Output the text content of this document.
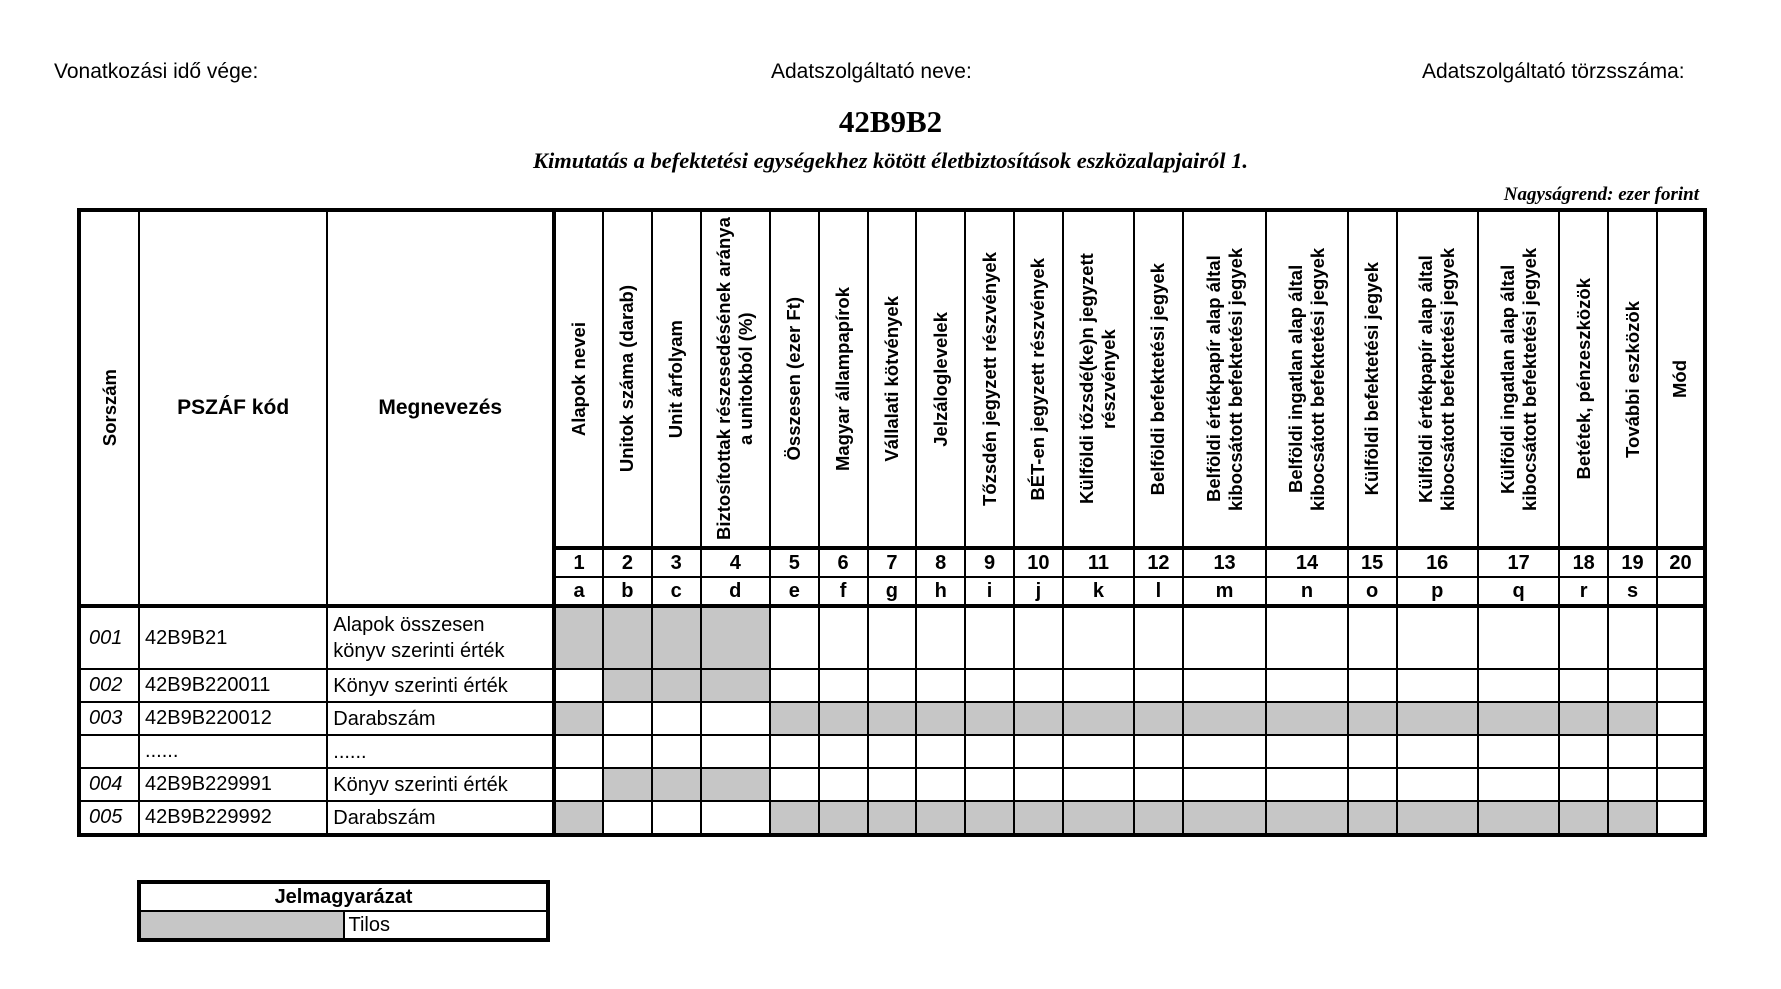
Vonatkozási idő vége:	Adatszolgáltató neve:	Adatszolgáltató törzsszáma:
42B9B2
Kimutatás a befektetési egységekhez kötött életbiztosítások eszközalapjairól 1.
Nagyságrend: ezer forint
Sorszám	PSZÁF kód	Megnevezés	Alapok nevei	Unitok száma (darab)	Unit árfolyam	Biztosítottak részesedésének aránya a unitokból (%)	Összesen (ezer Ft)	Magyar állampapírok	Vállalati kötvények	Jelzáloglevelek	Tőzsdén jegyzett részvények	BÉT-en jegyzett részvények	Külföldi tőzsdé(ke)n jegyzett részvények	Belföldi befektetési jegyek	Belföldi értékpapír alap által kibocsátott befektetési jegyek	Belföldi ingatlan alap által kibocsátott befektetési jegyek	Külföldi befektetési jegyek	Külföldi értékpapír alap által kibocsátott befektetési jegyek	Külföldi ingatlan alap által kibocsátott befektetési jegyek	Betétek, pénzeszközök	További eszközök	Mód

			1	2	3	4	5	6	7	8	9	10	11	12	13	14	15	16	17	18	19	20
			a	b	c	d	e	f	g	h	i	j	k	l	m	n	o	p	q	r	s	
001	42B9B21	Alapok összesen
könyv szerinti érték																				

002	42B9B220011	Könyv szerinti érték																				

003	42B9B220012	Darabszám																				

	......	......																				

004	42B9B229991	Könyv szerinti érték																				

005	42B9B229992	Darabszám																				

Jelmagyarázat
	Tilos
